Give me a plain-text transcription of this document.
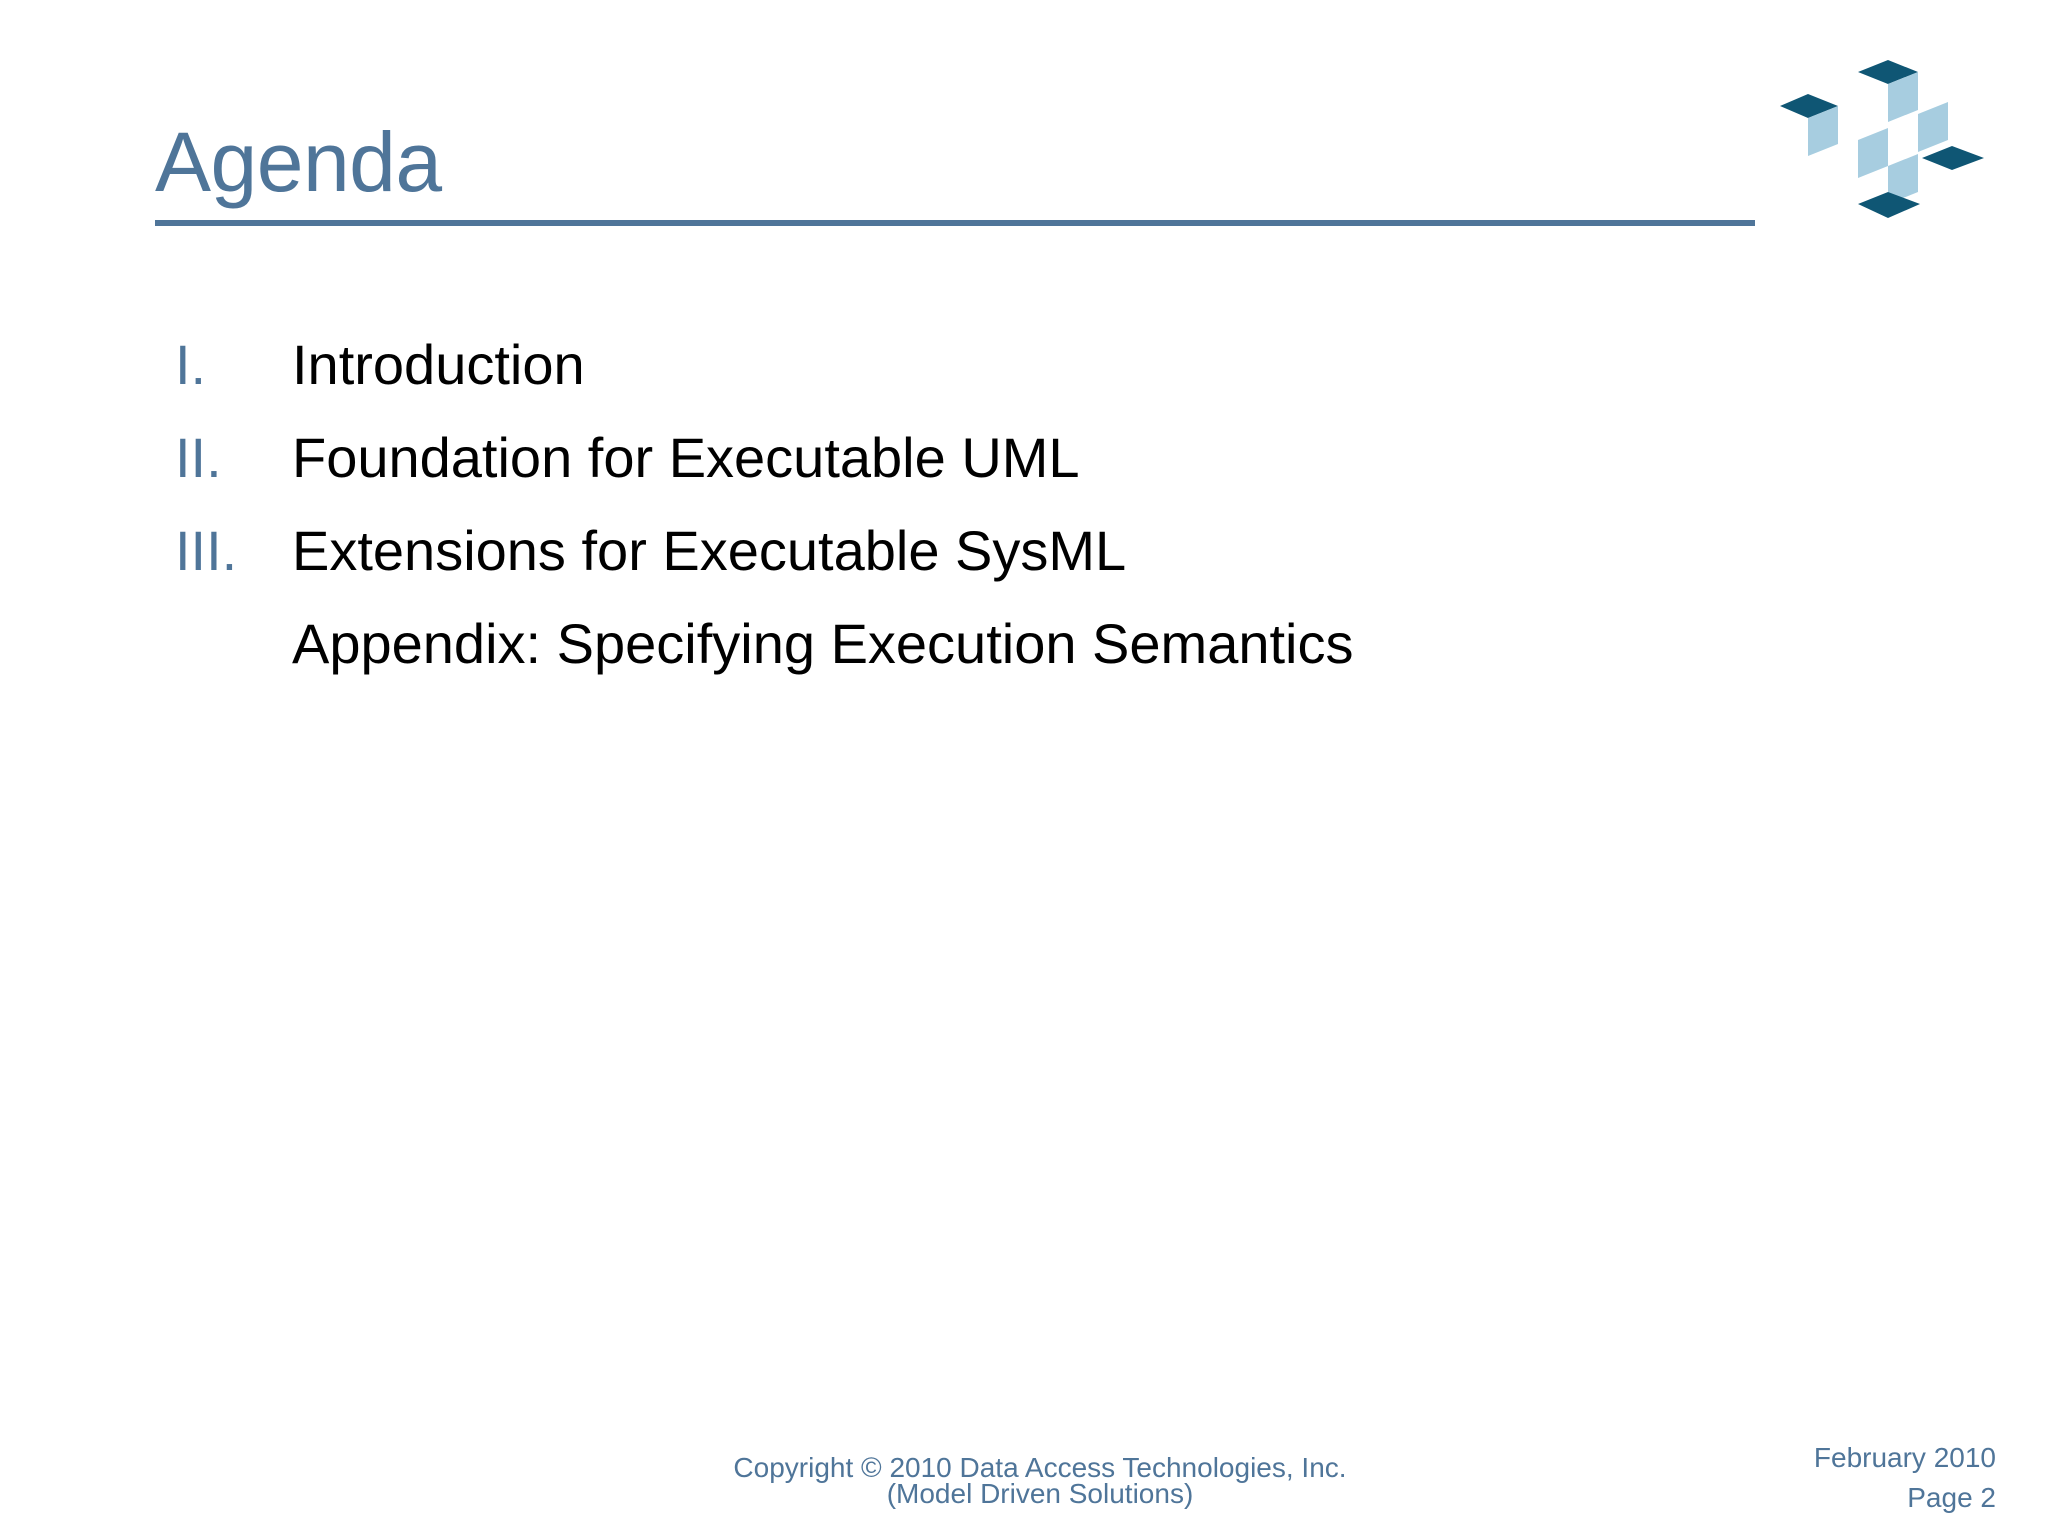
Agenda
I.	Introduction
II.	Foundation for Executable UML
III. Extensions for Executable SysML
Appendix: Specifying Execution Semantics
Copyright © 2010 Data Access Technologies, Inc.
(Model Driven Solutions)
February 2010
Page 2
